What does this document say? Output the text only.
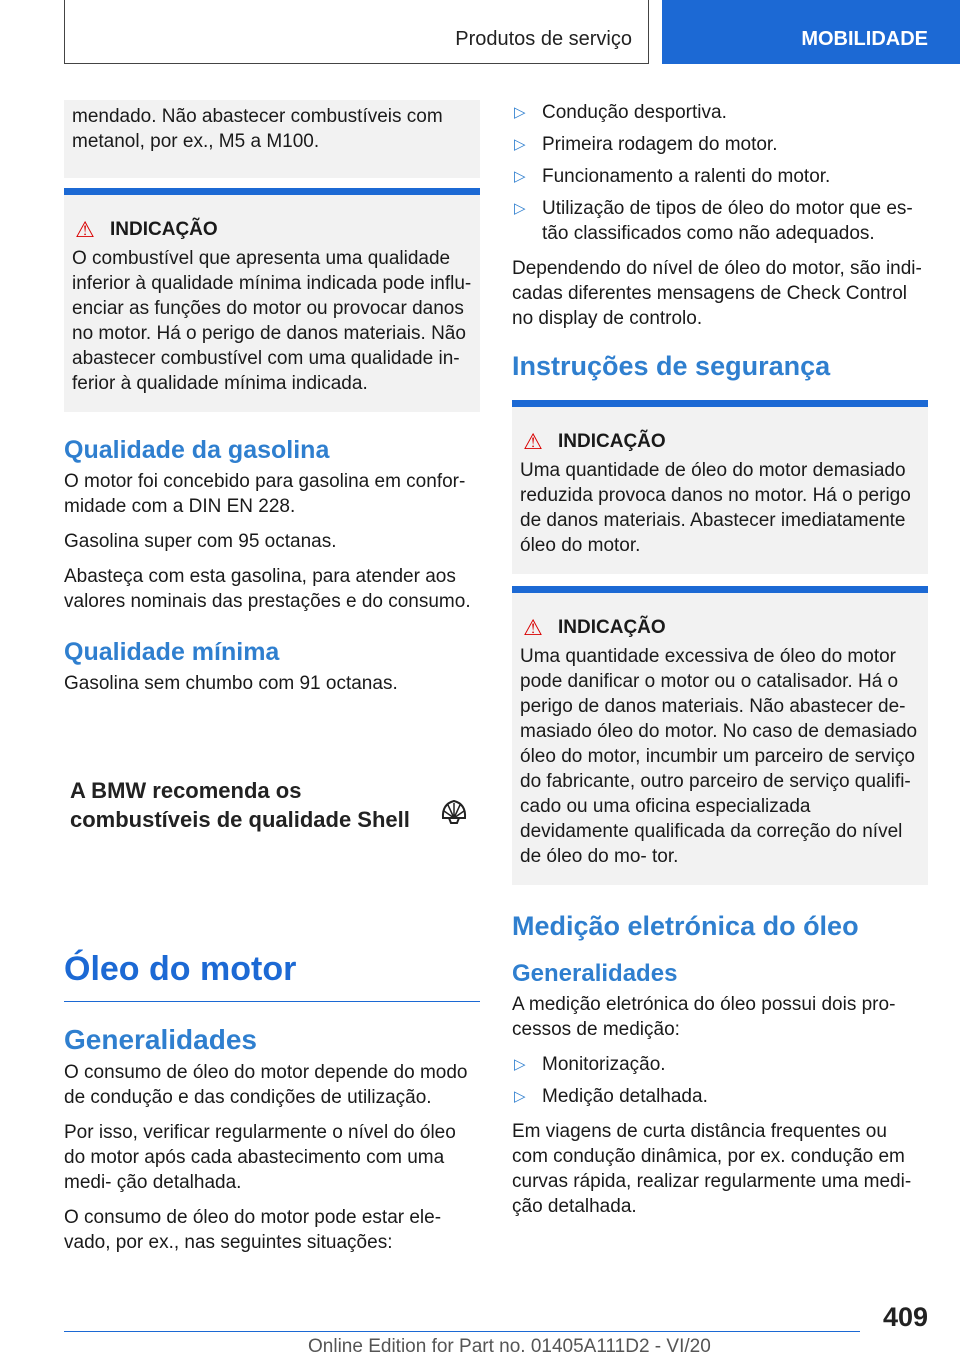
Produtos de serviço	MOBILIDADE
mendado. Não abastecer combustíveis com metanol, por ex., M5 a M100.
⚠ INDICAÇÃO

O combustível que apresenta uma qualidade inferior à qualidade mínima indicada pode influ- enciar as funções do motor ou provocar danos no motor. Há o perigo de danos materiais. Não abastecer combustível com uma qualidade in- ferior à qualidade mínima indicada.

Qualidade da gasolina

O motor foi concebido para gasolina em confor- midade com a DIN EN 228.

Gasolina super com 95 octanas.

Abasteça com esta gasolina, para atender aos valores nominais das prestações e do consumo.

Qualidade mínima

Gasolina sem chumbo com 91 octanas.

A BMW recomenda os
combustíveis de qualidade Shell
Óleo do motor
Generalidades

O consumo de óleo do motor depende do modo de condução e das condições de utilização.

Por isso, verificar regularmente o nível do óleo do motor após cada abastecimento com uma medi- ção detalhada.

O consumo de óleo do motor pode estar ele- vado, por ex., nas seguintes situações:

▷ Condução desportiva.
▷ Primeira rodagem do motor.
▷ Funcionamento a ralenti do motor.
▷ Utilização de tipos de óleo do motor que es- tão classificados como não adequados.

Dependendo do nível de óleo do motor, são indi- cadas diferentes mensagens de Check Control no display de controlo.

Instruções de segurança
⚠ INDICAÇÃO

Uma quantidade de óleo do motor demasiado reduzida provoca danos no motor. Há o perigo de danos materiais. Abastecer imediatamente óleo do motor.

⚠ INDICAÇÃO

Uma quantidade excessiva de óleo do motor pode danificar o motor ou o catalisador. Há o perigo de danos materiais. Não abastecer de- masiado óleo do motor. No caso de demasiado óleo do motor, incumbir um parceiro de serviço do fabricante, outro parceiro de serviço qualifi- cado ou uma oficina especializada devidamente qualificada da correção do nível de óleo do mo- tor.

Medição eletrónica do óleo
Generalidades

A medição eletrónica do óleo possui dois pro- cessos de medição:

▷ Monitorização.
▷ Medição detalhada.

Em viagens de curta distância frequentes ou com condução dinâmica, por ex. condução em curvas rápida, realizar regularmente uma medi- ção detalhada.

409
Online Edition for Part no. 01405A111D2 - VI/20
